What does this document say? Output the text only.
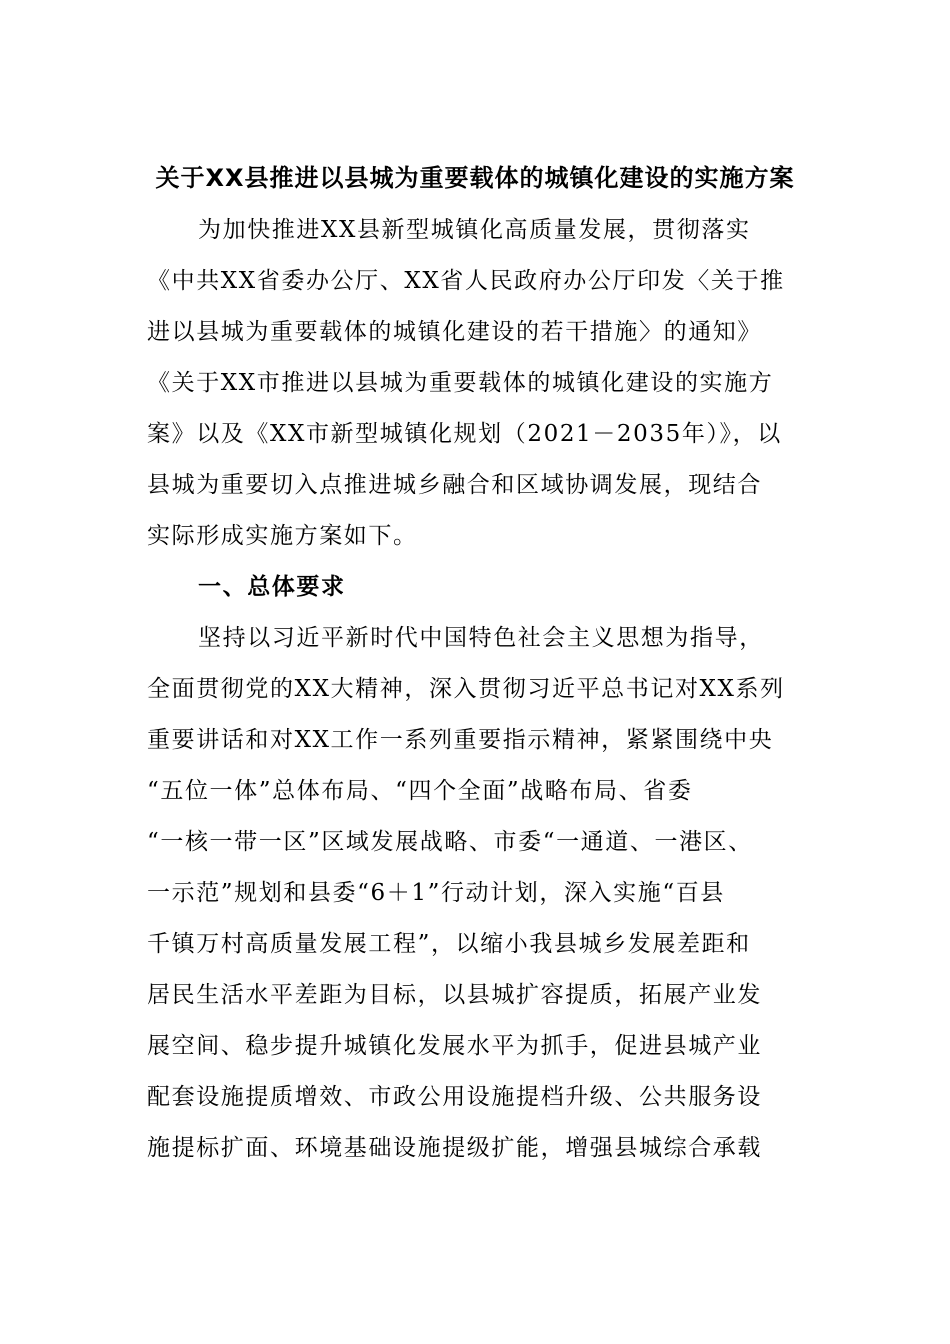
关于XX县推进以县城为重要载体的城镇化建设的实施方案
为加快推进XX县新型城镇化高质量发展，贯彻落实
《中共XX省委办公厅、XX省人民政府办公厅印发〈关于推
进以县城为重要载体的城镇化建设的若干措施〉的通知》
《关于XX市推进以县城为重要载体的城镇化建设的实施方
案》以及《XX市新型城镇化规划（2021－2035年）》，以
县城为重要切入点推进城乡融合和区域协调发展，现结合
实际形成实施方案如下。
一、总体要求
坚持以习近平新时代中国特色社会主义思想为指导，
全面贯彻党的XX大精神，深入贯彻习近平总书记对XX系列
重要讲话和对XX工作一系列重要指示精神，紧紧围绕中央
“五位一体”总体布局、“四个全面”战略布局、省委
“一核一带一区”区域发展战略、市委“一通道、一港区、
一示范”规划和县委“6＋1”行动计划，深入实施“百县
千镇万村高质量发展工程”，以缩小我县城乡发展差距和
居民生活水平差距为目标，以县城扩容提质，拓展产业发
展空间、稳步提升城镇化发展水平为抓手，促进县城产业
配套设施提质增效、市政公用设施提档升级、公共服务设
施提标扩面、环境基础设施提级扩能，增强县城综合承载
